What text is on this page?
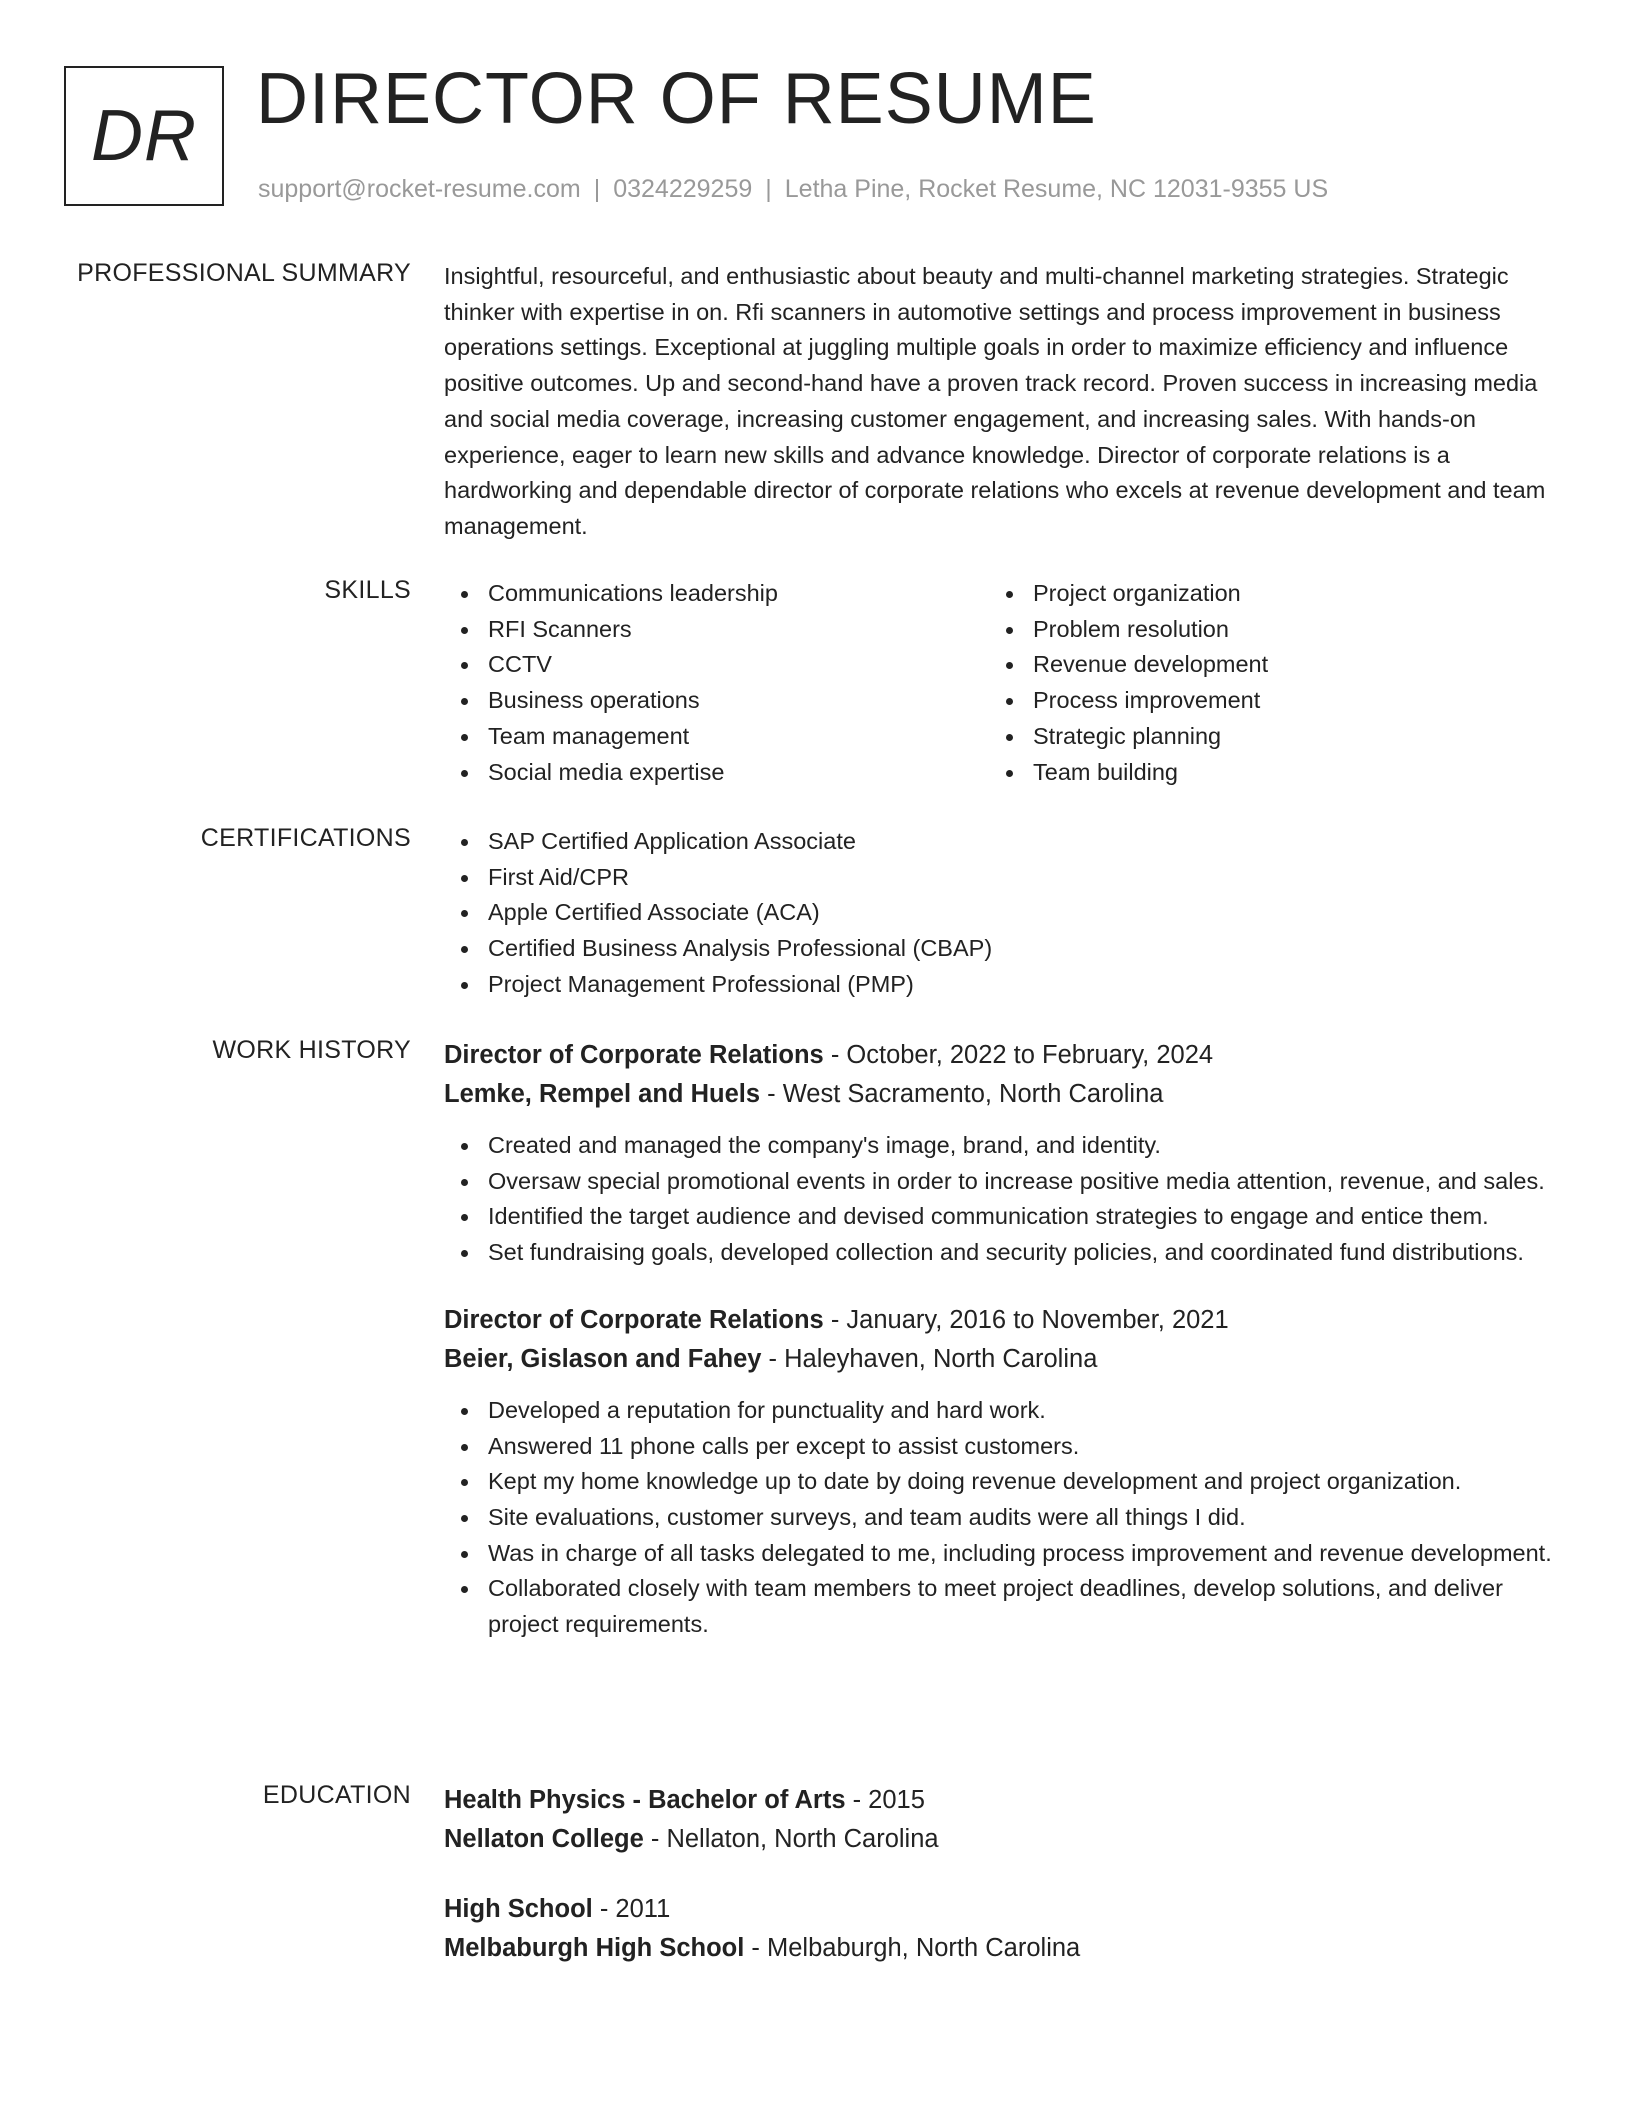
DR DIRECTOR OF RESUME
support@rocket-resume.com | 0324229259 | Letha Pine, Rocket Resume, NC 12031-9355 US
PROFESSIONAL SUMMARY Insightful, resourceful, and enthusiastic about beauty and multi-channel marketing strategies. Strategic thinker with expertise in on. Rfi scanners in automotive settings and process improvement in business operations settings. Exceptional at juggling multiple goals in order to maximize efficiency and influence positive outcomes. Up and second-hand have a proven track record. Proven success in increasing media and social media coverage, increasing customer engagement, and increasing sales. With hands-on experience, eager to learn new skills and advance knowledge. Director of corporate relations is a hardworking and dependable director of corporate relations who excels at revenue development and team management.
SKILLS	Communications leadership
RFI Scanners
CCTV
Business operations
Team management
Social media expertise
Project organization
Problem resolution
Revenue development
Process improvement
Strategic planning
Team building
CERTIFICATIONS	SAP Certified Application Associate
First Aid/CPR
Apple Certified Associate (ACA)
Certified Business Analysis Professional (CBAP)
Project Management Professional (PMP)
WORK HISTORY Director of Corporate Relations - October, 2022 to February, 2024
Lemke, Rempel and Huels - West Sacramento, North Carolina
Created and managed the company's image, brand, and identity.
Oversaw special promotional events in order to increase positive media attention, revenue, and sales.
Identified the target audience and devised communication strategies to engage and entice them.
Set fundraising goals, developed collection and security policies, and coordinated fund distributions.
Director of Corporate Relations - January, 2016 to November, 2021
Beier, Gislason and Fahey - Haleyhaven, North Carolina
Developed a reputation for punctuality and hard work.
Answered 11 phone calls per except to assist customers.
Kept my home knowledge up to date by doing revenue development and project organization.
Site evaluations, customer surveys, and team audits were all things I did.
Was in charge of all tasks delegated to me, including process improvement and revenue development.
Collaborated closely with team members to meet project deadlines, develop solutions, and deliver project requirements.
EDUCATION Health Physics - Bachelor of Arts - 2015
Nellaton College - Nellaton, North Carolina
High School - 2011
Melbaburgh High School - Melbaburgh, North Carolina
